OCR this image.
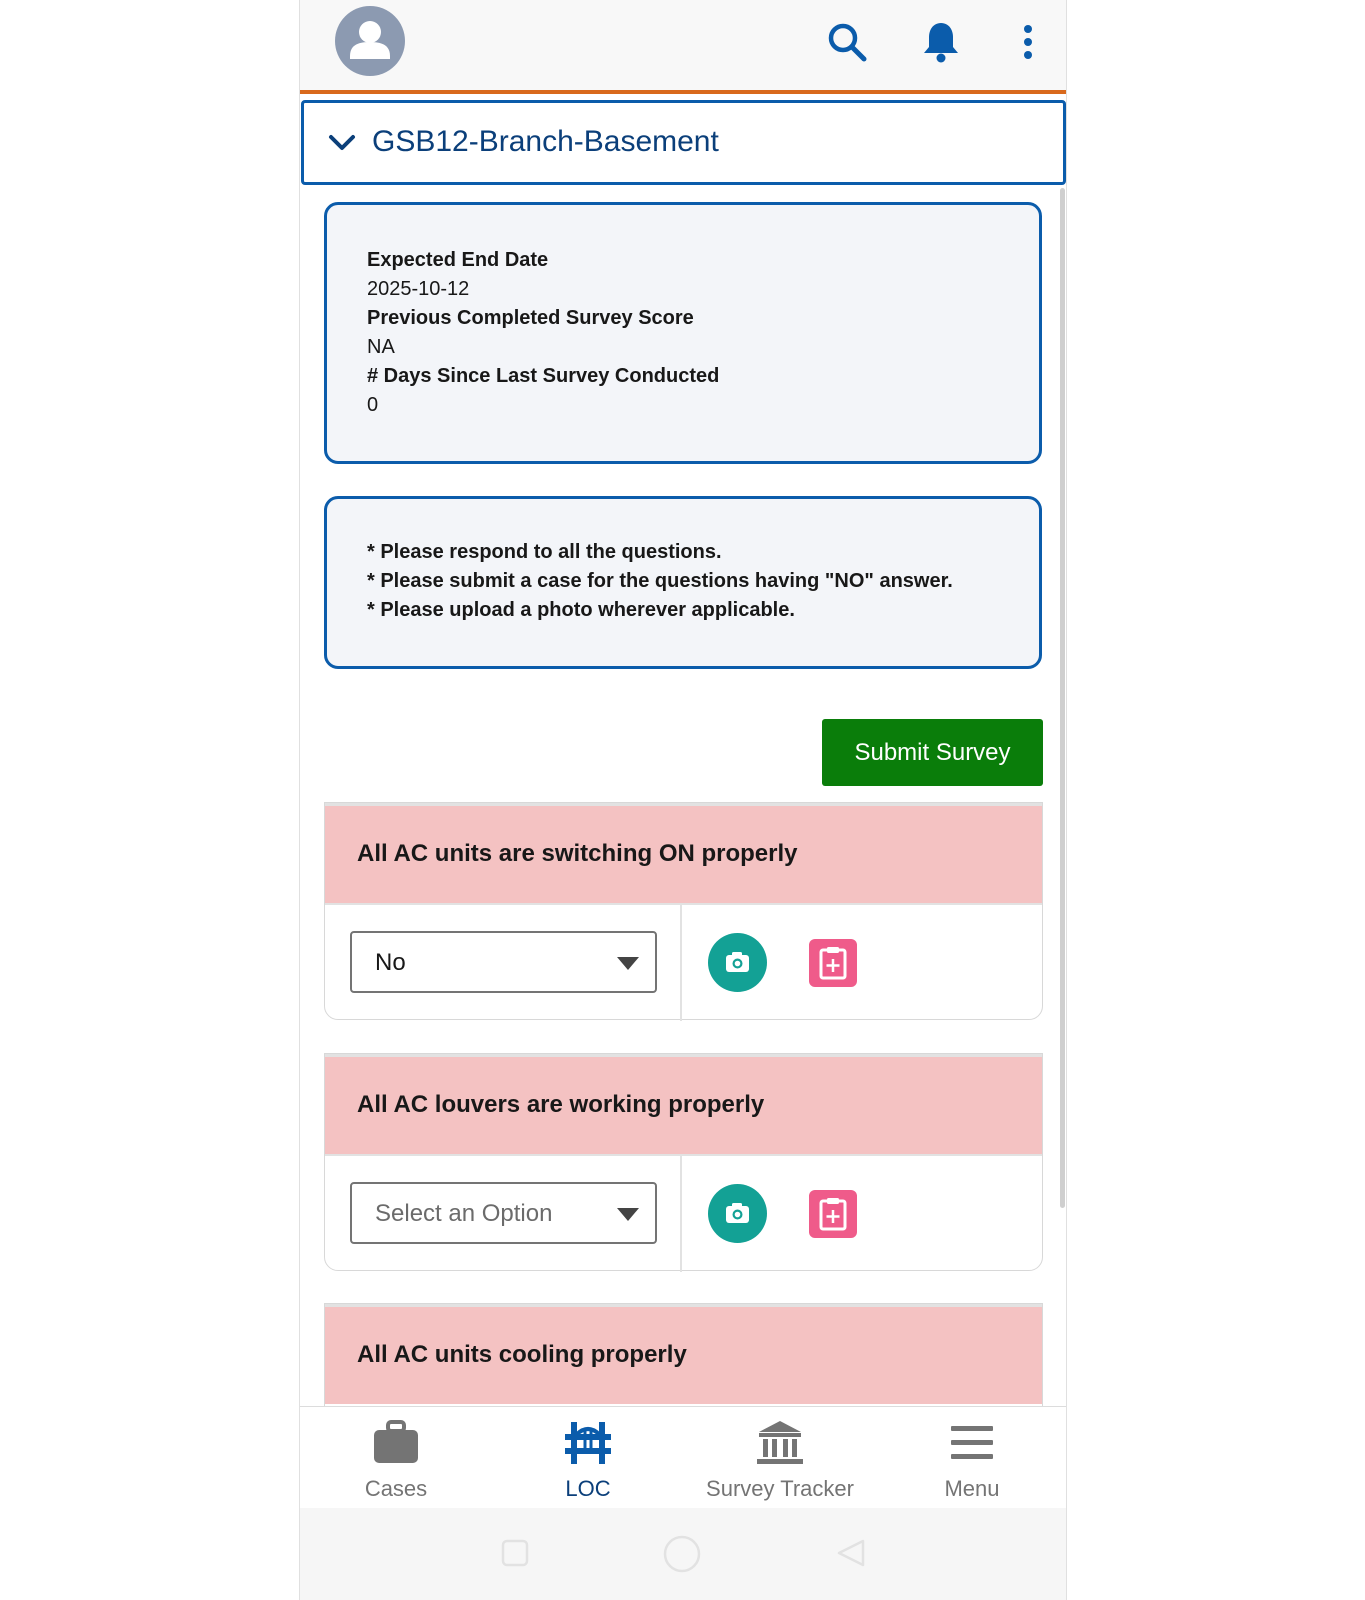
GSB12-Branch-Basement
Expected End Date
2025-10-12
Previous Completed Survey Score
NA
# Days Since Last Survey Conducted
0
* Please respond to all the questions.
* Please submit a case for the questions having "NO" answer.
* Please upload a photo wherever applicable.
Submit Survey
All AC units are switching ON properly
No
All AC louvers are working properly
Select an Option
All AC units cooling properly
Cases	LOC	Survey Tracker	Menu
